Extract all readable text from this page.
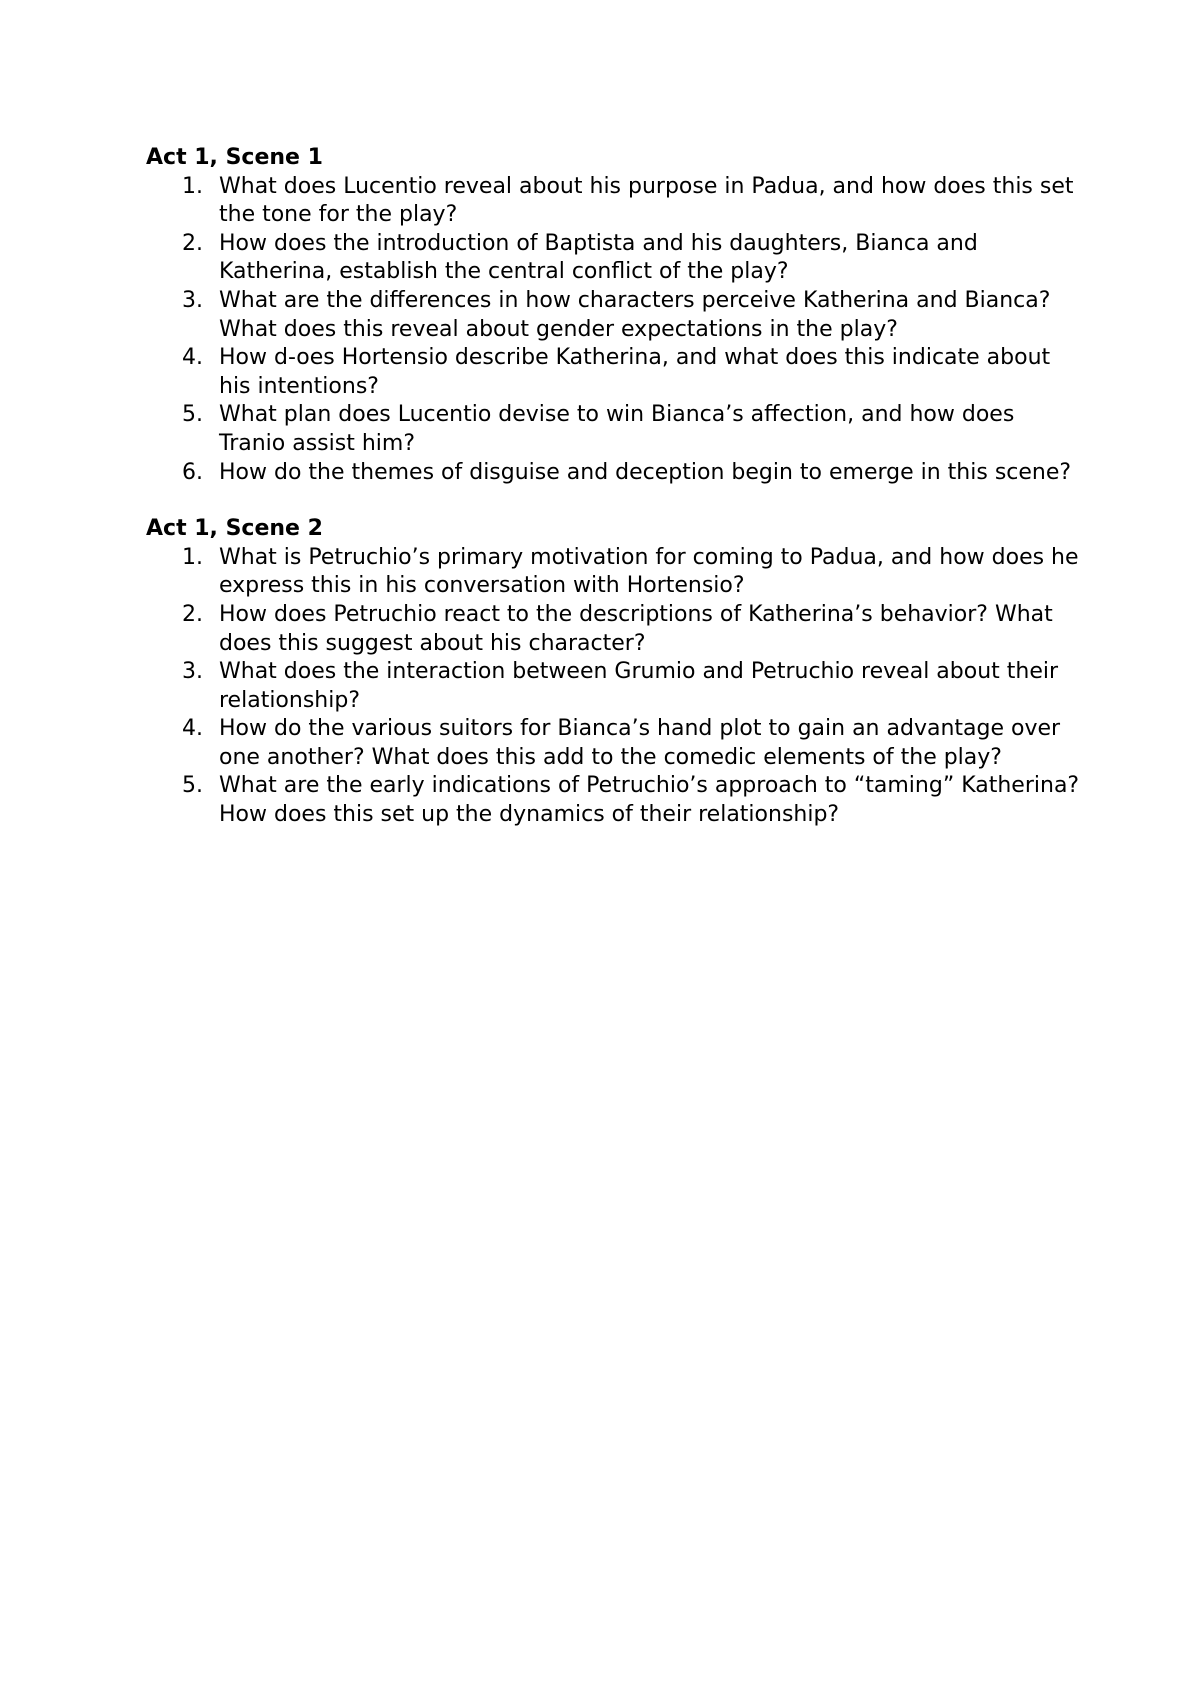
Act 1, Scene 1
1. What does Lucentio reveal about his purpose in Padua, and how does this set the tone for the play?
2. How does the introduction of Baptista and his daughters, Bianca and Katherina, establish the central conflict of the play?
3. What are the differences in how characters perceive Katherina and Bianca? What does this reveal about gender expectations in the play?
4. How d-oes Hortensio describe Katherina, and what does this indicate about his intentions?
5. What plan does Lucentio devise to win Bianca’s affection, and how does Tranio assist him?
6. How do the themes of disguise and deception begin to emerge in this scene?
Act 1, Scene 2
1. What is Petruchio’s primary motivation for coming to Padua, and how does he express this in his conversation with Hortensio?
2. How does Petruchio react to the descriptions of Katherina’s behavior? What does this suggest about his character?
3. What does the interaction between Grumio and Petruchio reveal about their relationship?
4. How do the various suitors for Bianca’s hand plot to gain an advantage over one another? What does this add to the comedic elements of the play?
5. What are the early indications of Petruchio’s approach to “taming” Katherina? How does this set up the dynamics of their relationship?
